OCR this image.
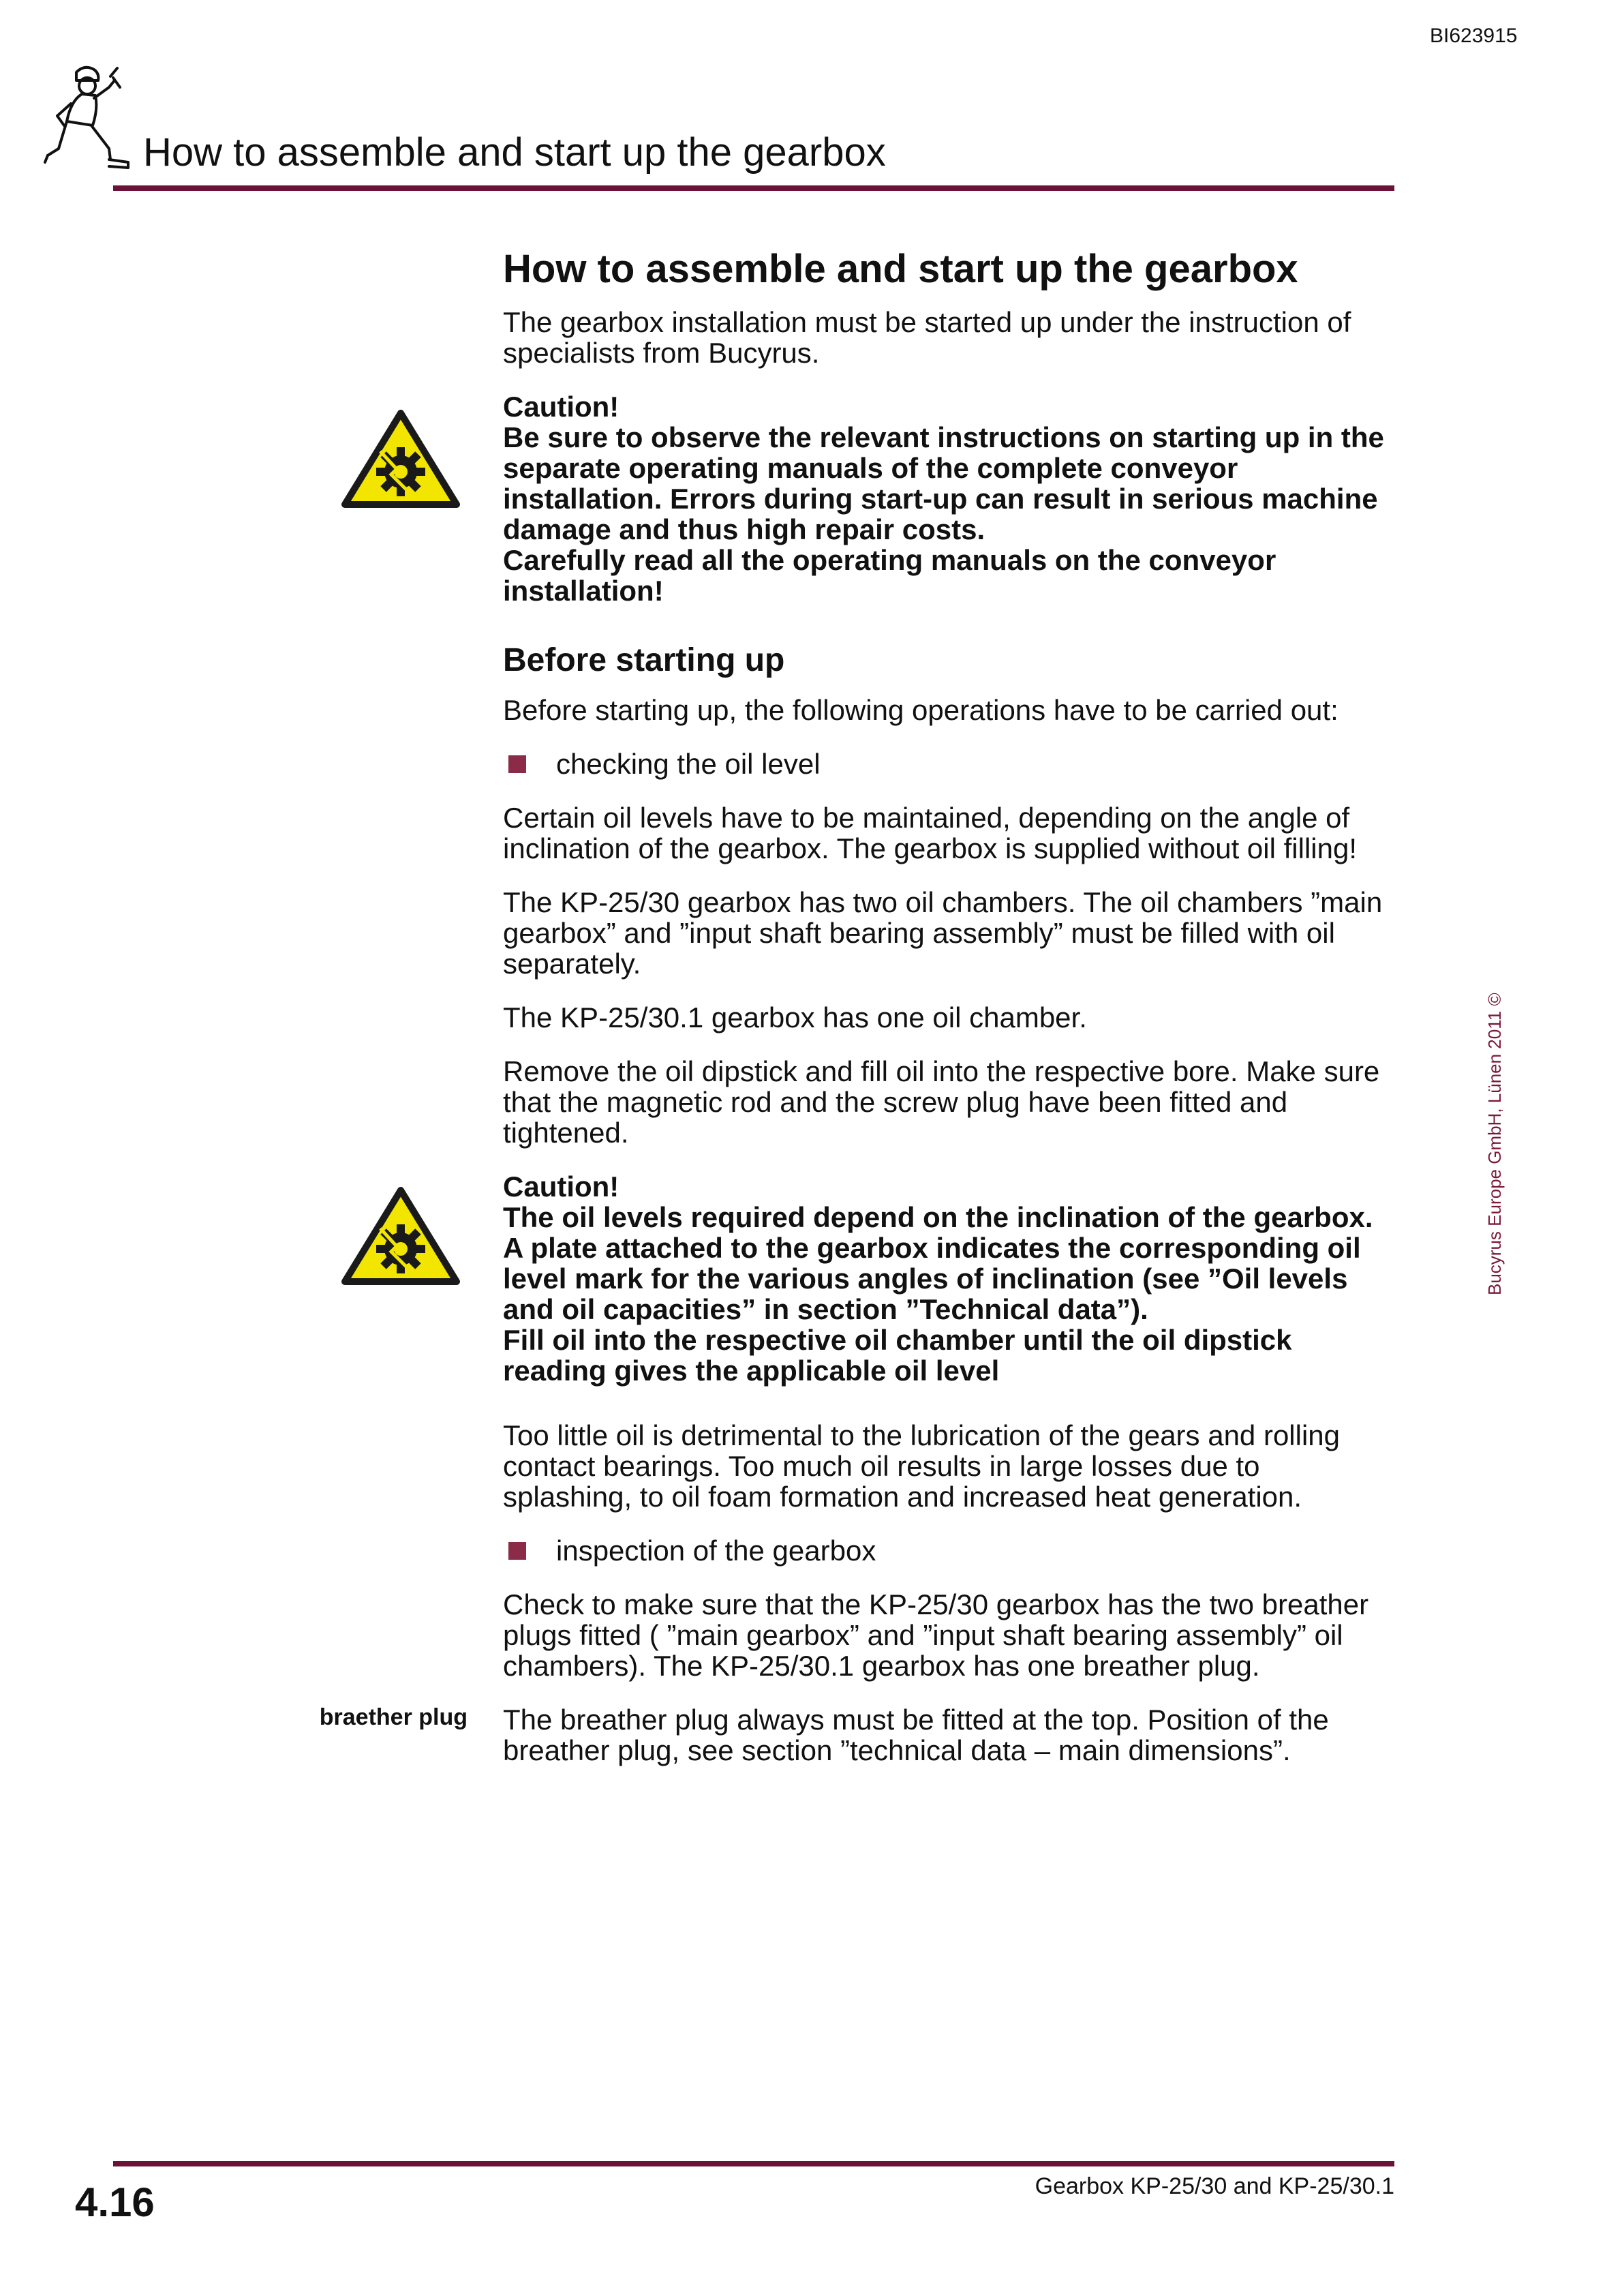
BI623915
How to assemble and start up the gearbox
How to assemble and start up the gearbox

The gearbox installation must be started up under the instruction of specialists from Bucyrus.

Caution!
Be sure to observe the relevant instructions on starting up in the separate operating manuals of the complete conveyor installation. Errors during start-up can result in serious machine damage and thus high repair costs.
Carefully read all the operating manuals on the conveyor installation!
Before starting up

Before starting up, the following operations have to be carried out:

checking the oil level

Certain oil levels have to be maintained, depending on the angle of inclination of the gearbox. The gearbox is supplied without oil filling!

The KP-25/30 gearbox has two oil chambers. The oil chambers ”main gearbox” and ”input shaft bearing assembly” must be filled with oil separately.

The KP-25/30.1 gearbox has one oil chamber.

Remove the oil dipstick and fill oil into the respective bore. Make sure that the magnetic rod and the screw plug have been fitted and tightened.

Caution!
The oil levels required depend on the inclination of the gearbox. A plate attached to the gearbox indicates the corresponding oil level mark for the various angles of inclination (see ”Oil levels and oil capacities” in section ”Technical data”).
Fill oil into the respective oil chamber until the oil dipstick reading gives the applicable oil level

Too little oil is detrimental to the lubrication of the gears and rolling contact bearings. Too much oil results in large losses due to splashing, to oil foam formation and increased heat generation.

inspection of the gearbox

Check to make sure that the KP-25/30 gearbox has the two breather plugs fitted ( ”main gearbox” and ”input shaft bearing assembly” oil chambers). The KP-25/30.1 gearbox has one breather plug.

The breather plug always must be fitted at the top. Position of the breather plug, see section ”technical data – main dimensions”.

braether plug
Bucyrus Europe GmbH, Lünen 2011 ©
4.16	Gearbox KP-25/30 and KP-25/30.1
